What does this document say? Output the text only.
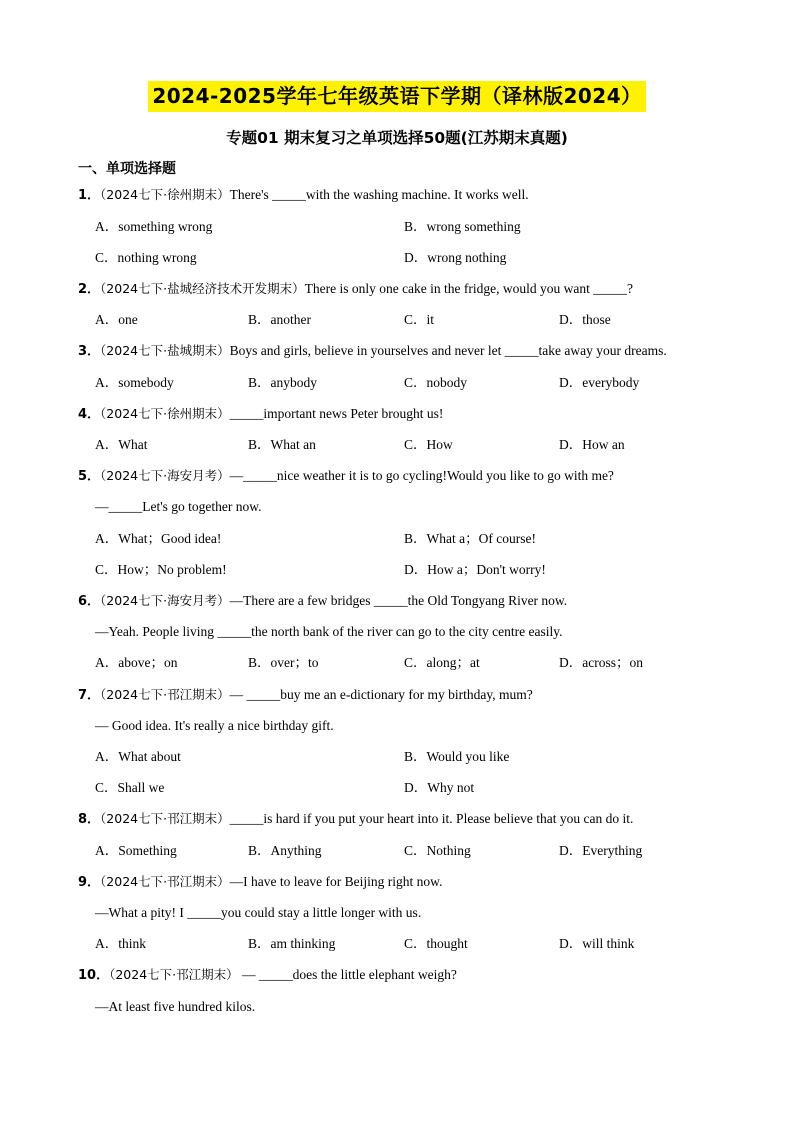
2024-2025学年七年级英语下学期（译林版2024）
专题01 期末复习之单项选择50题(江苏期末真题)
一、单项选择题
1．（2024七下·徐州期末）There's _____with the washing machine. It works well.
A．something wrong	B．wrong something
C．nothing wrong	D．wrong nothing
2．（2024七下·盐城经济技术开发期末）There is only one cake in the fridge, would you want _____?
A．one	B．another	C．it	D．those
3．（2024七下·盐城期末）Boys and girls, believe in yourselves and never let _____take away your dreams.
A．somebody	B．anybody	C．nobody	D．everybody
4．（2024七下·徐州期末）_____important news Peter brought us!
A．What	B．What an	C．How	D．How an
5．（2024七下·海安月考）—_____nice weather it is to go cycling!Would you like to go with me?
—_____Let's go together now.
A．What；Good idea!	B．What a；Of course!
C．How；No problem!	D．How a；Don't worry!
6．（2024七下·海安月考）—There are a few bridges _____the Old Tongyang River now.
—Yeah. People living _____the north bank of the river can go to the city centre easily.
A．above；on	B．over；to	C．along；at	D．across；on
7．（2024七下·邗江期末）— _____buy me an e-dictionary for my birthday, mum?
— Good idea. It's really a nice birthday gift.
A．What about	B．Would you like
C．Shall we	D．Why not
8．（2024七下·邗江期末）_____is hard if you put your heart into it. Please believe that you can do it.
A．Something	B．Anything	C．Nothing	D．Everything
9．（2024七下·邗江期末）—I have to leave for Beijing right now.
—What a pity! I _____you could stay a little longer with us.
A．think	B．am thinking	C．thought	D．will think
10．（2024七下·邗江期末） — _____does the little elephant weigh?
—At least five hundred kilos.
